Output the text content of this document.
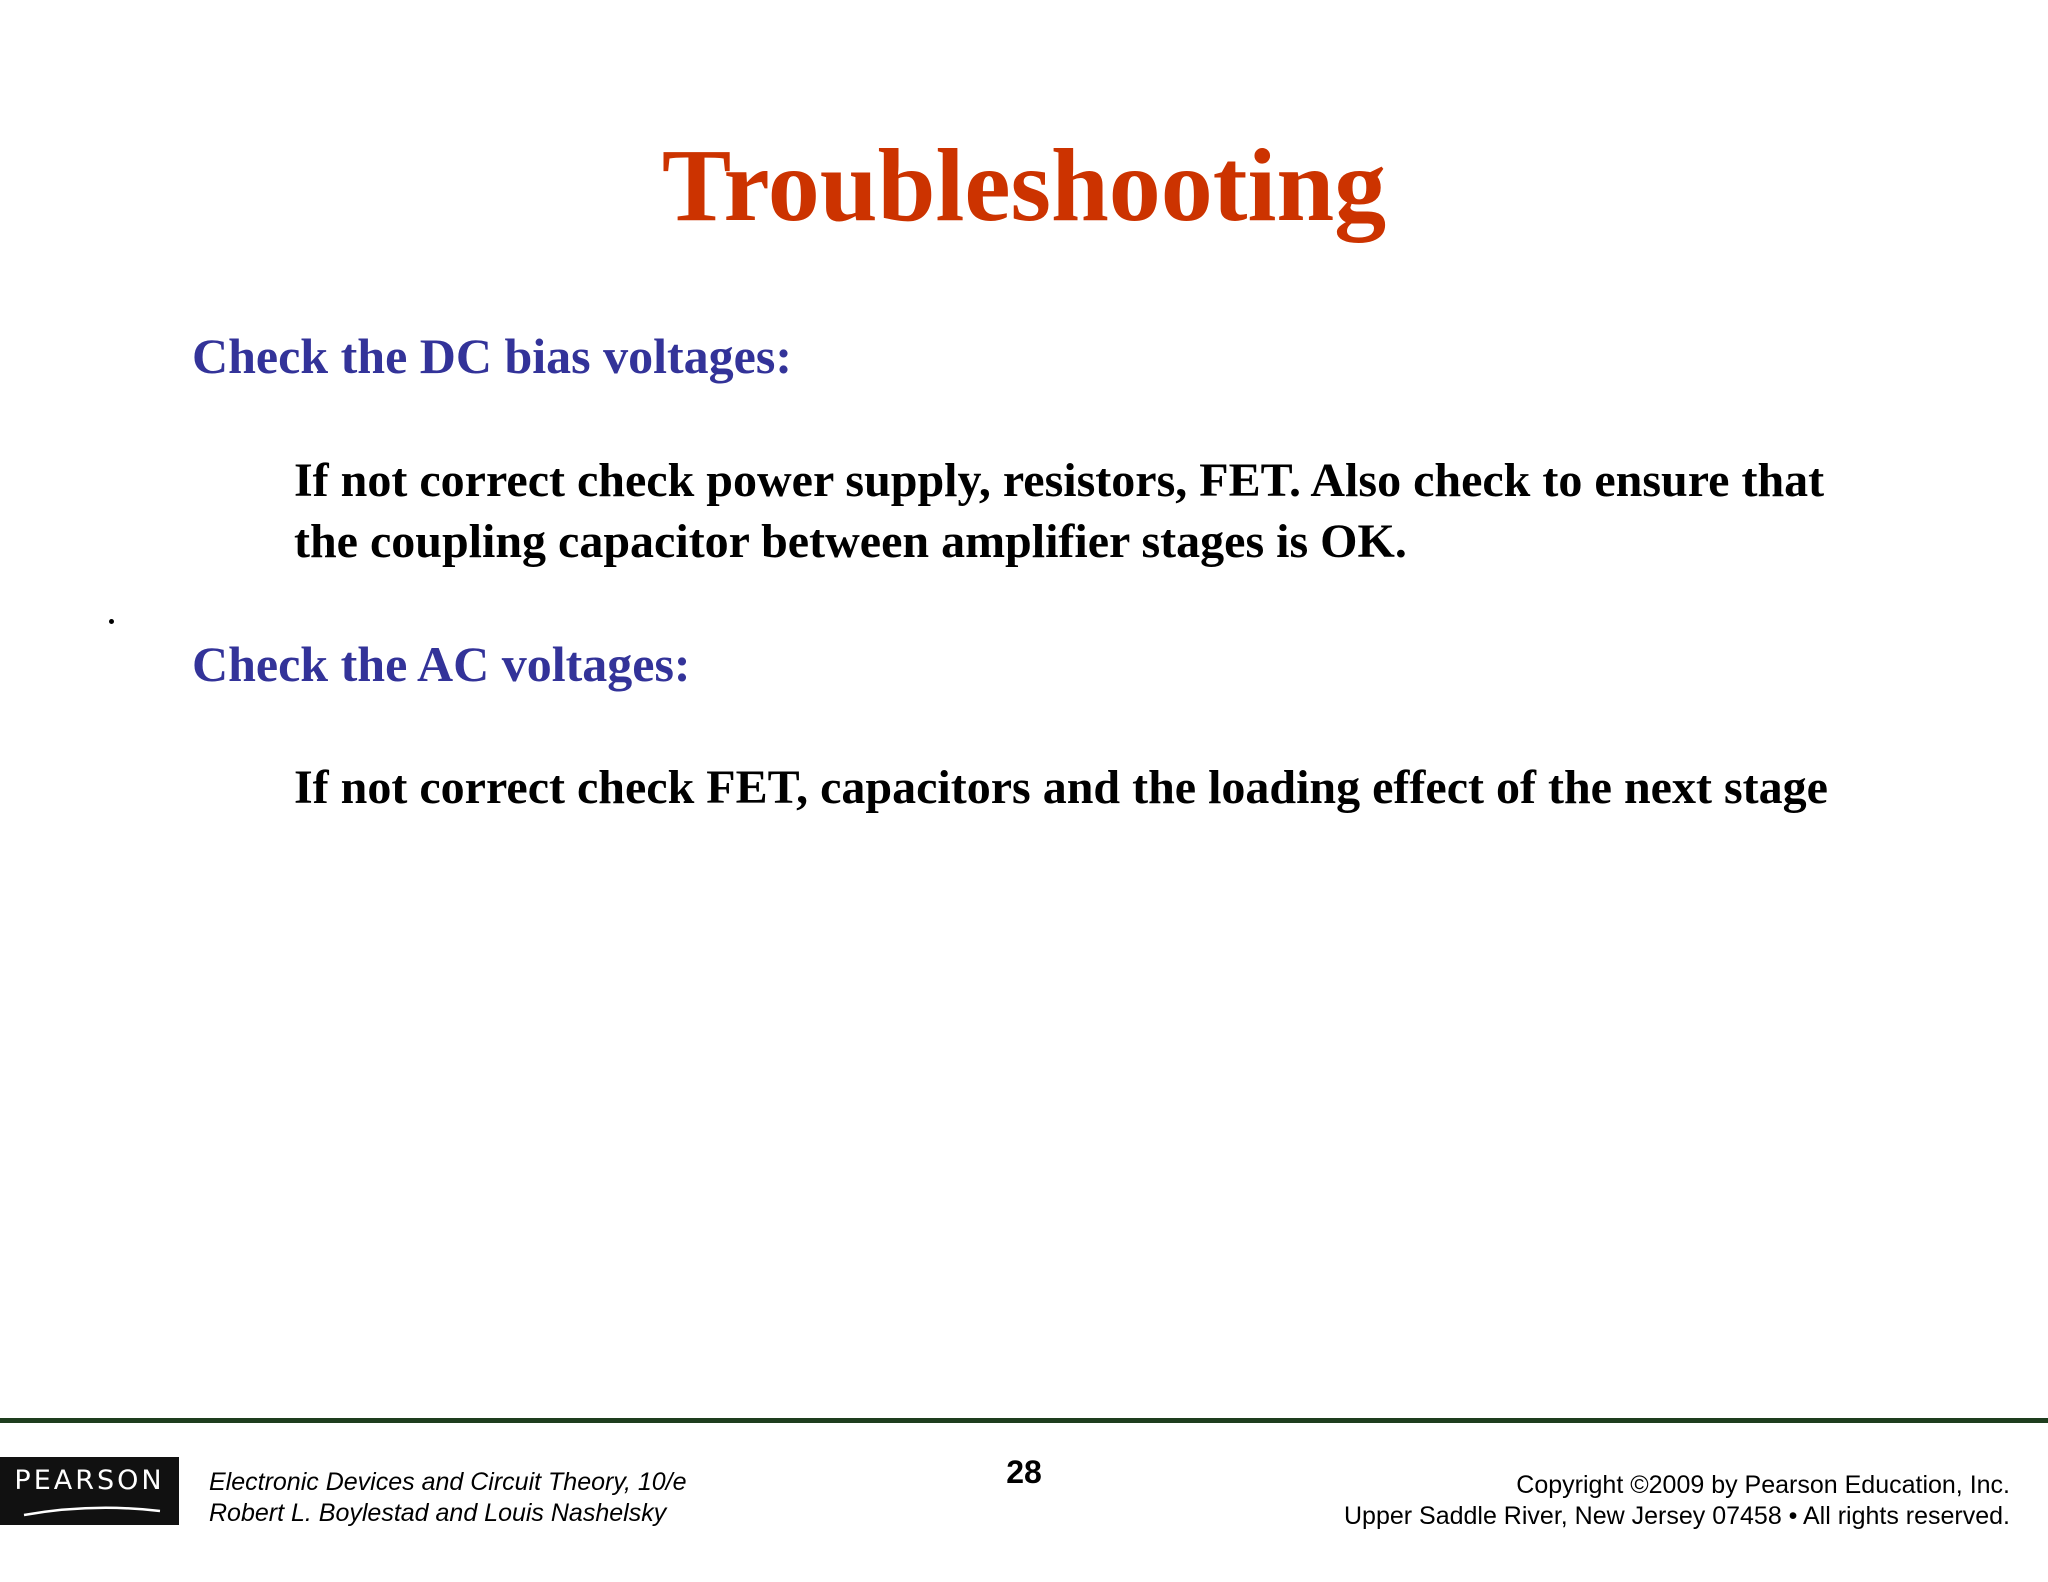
Troubleshooting
Check the DC bias voltages:

If not correct check power supply, resistors, FET. Also check to ensure that the coupling capacitor between amplifier stages is OK.

Check the AC voltages:

If not correct check FET, capacitors and the loading effect of the next stage

PEARSON	Electronic Devices and Circuit Theory, 10/e
Robert L. Boylestad and Louis Nashelsky
28	Copyright ©2009 by Pearson Education, Inc.
Upper Saddle River, New Jersey 07458 • All rights reserved.
